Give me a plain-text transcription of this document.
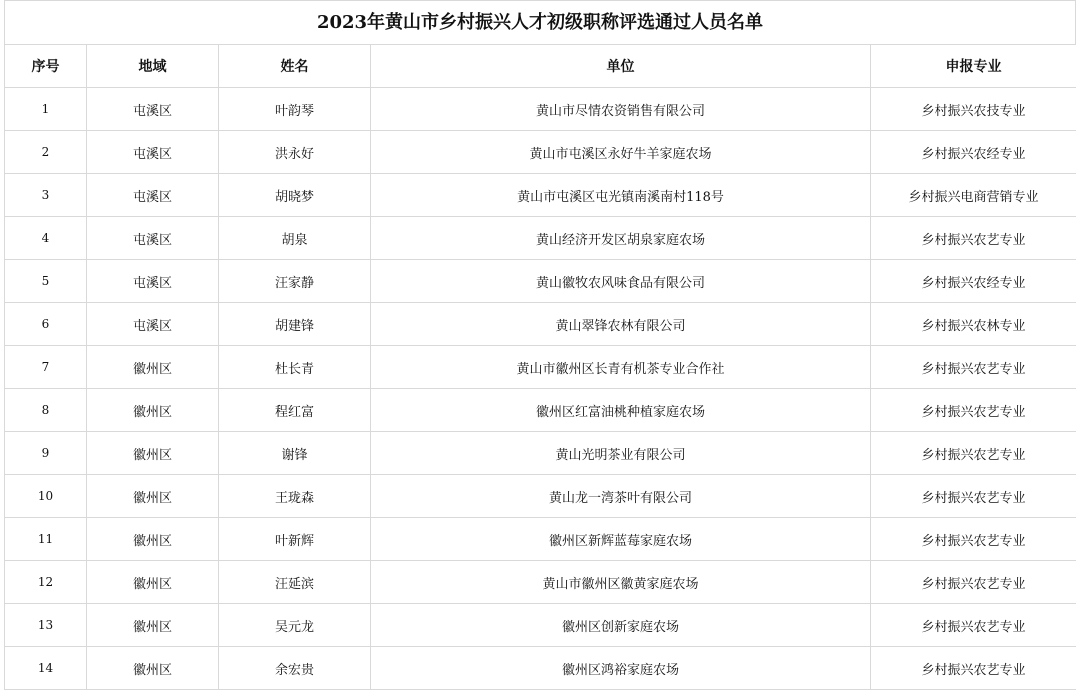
2023年黄山市乡村振兴人才初级职称评选通过人员名单
序号	地域	姓名	单位	申报专业
1	屯溪区	叶韵琴	黄山市尽情农资销售有限公司	乡村振兴农技专业
2	屯溪区	洪永好	黄山市屯溪区永好牛羊家庭农场	乡村振兴农经专业
3	屯溪区	胡晓梦	黄山市屯溪区屯光镇南溪南村118号	乡村振兴电商营销专业
4	屯溪区	胡泉	黄山经济开发区胡泉家庭农场	乡村振兴农艺专业
5	屯溪区	汪家静	黄山徽牧农风味食品有限公司	乡村振兴农经专业
6	屯溪区	胡建锋	黄山翠锋农林有限公司	乡村振兴农林专业
7	徽州区	杜长青	黄山市徽州区长青有机茶专业合作社	乡村振兴农艺专业
8	徽州区	程红富	徽州区红富油桃种植家庭农场	乡村振兴农艺专业
9	徽州区	谢锋	黄山光明茶业有限公司	乡村振兴农艺专业
10	徽州区	王珑森	黄山龙一湾茶叶有限公司	乡村振兴农艺专业
11	徽州区	叶新辉	徽州区新辉蓝莓家庭农场	乡村振兴农艺专业
12	徽州区	汪延滨	黄山市徽州区徽黄家庭农场	乡村振兴农艺专业
13	徽州区	吴元龙	徽州区创新家庭农场	乡村振兴农艺专业
14	徽州区	余宏贵	徽州区鸿裕家庭农场	乡村振兴农艺专业
